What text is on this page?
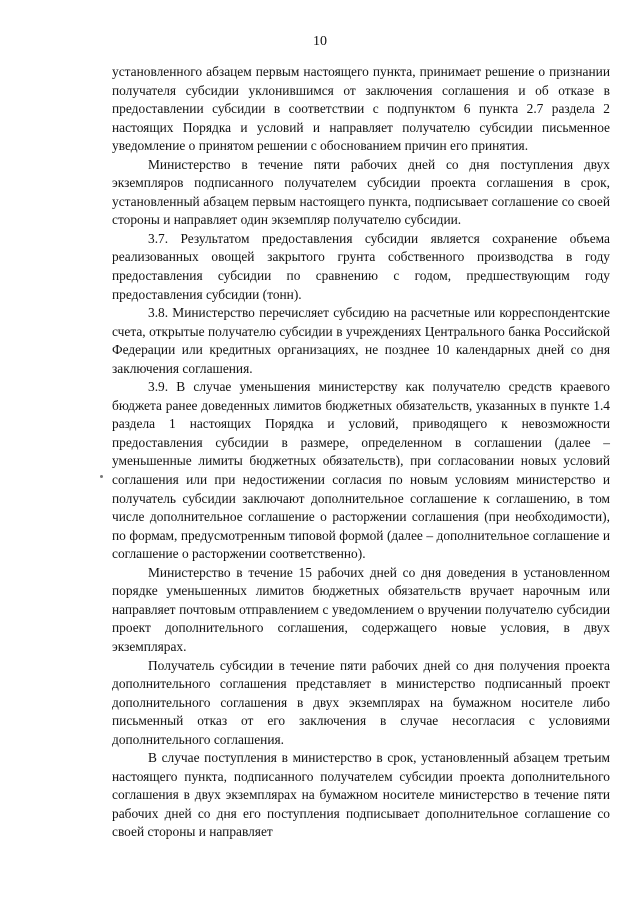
10

установленного абзацем первым настоящего пункта, принимает решение о признании получателя субсидии уклонившимся от заключения соглашения и об отказе в предоставлении субсидии в соответствии с подпунктом 6 пункта 2.7 раздела 2 настоящих Порядка и условий и направляет получателю субсидии письменное уведомление о принятом решении с обоснованием причин его принятия.

Министерство в течение пяти рабочих дней со дня поступления двух экземпляров подписанного получателем субсидии проекта соглашения в срок, установленный абзацем первым настоящего пункта, подписывает соглашение со своей стороны и направляет один экземпляр получателю субсидии.

3.7. Результатом предоставления субсидии является сохранение объема реализованных овощей закрытого грунта собственного производства в году предоставления субсидии по сравнению с годом, предшествующим году предоставления субсидии (тонн).

3.8. Министерство перечисляет субсидию на расчетные или корреспондентские счета, открытые получателю субсидии в учреждениях Центрального банка Российской Федерации или кредитных организациях, не позднее 10 календарных дней со дня заключения соглашения.

3.9. В случае уменьшения министерству как получателю средств краевого бюджета ранее доведенных лимитов бюджетных обязательств, указанных в пункте 1.4 раздела 1 настоящих Порядка и условий, приводящего к невозможности предоставления субсидии в размере, определенном в соглашении (далее – уменьшенные лимиты бюджетных обязательств), при согласовании новых условий соглашения или при недостижении согласия по новым условиям министерство и получатель субсидии заключают дополнительное соглашение к соглашению, в том числе дополнительное соглашение о расторжении соглашения (при необходимости), по формам, предусмотренным типовой формой (далее – дополнительное соглашение и соглашение о расторжении соответственно).

Министерство в течение 15 рабочих дней со дня доведения в установленном порядке уменьшенных лимитов бюджетных обязательств вручает нарочным или направляет почтовым отправлением с уведомлением о вручении получателю субсидии проект дополнительного соглашения, содержащего новые условия, в двух экземплярах.

Получатель субсидии в течение пяти рабочих дней со дня получения проекта дополнительного соглашения представляет в министерство подписанный проект дополнительного соглашения в двух экземплярах на бумажном носителе либо письменный отказ от его заключения в случае несогласия с условиями дополнительного соглашения.

В случае поступления в министерство в срок, установленный абзацем третьим настоящего пункта, подписанного получателем субсидии проекта дополнительного соглашения в двух экземплярах на бумажном носителе министерство в течение пяти рабочих дней со дня его поступления подписывает дополнительное соглашение со своей стороны и направляет
